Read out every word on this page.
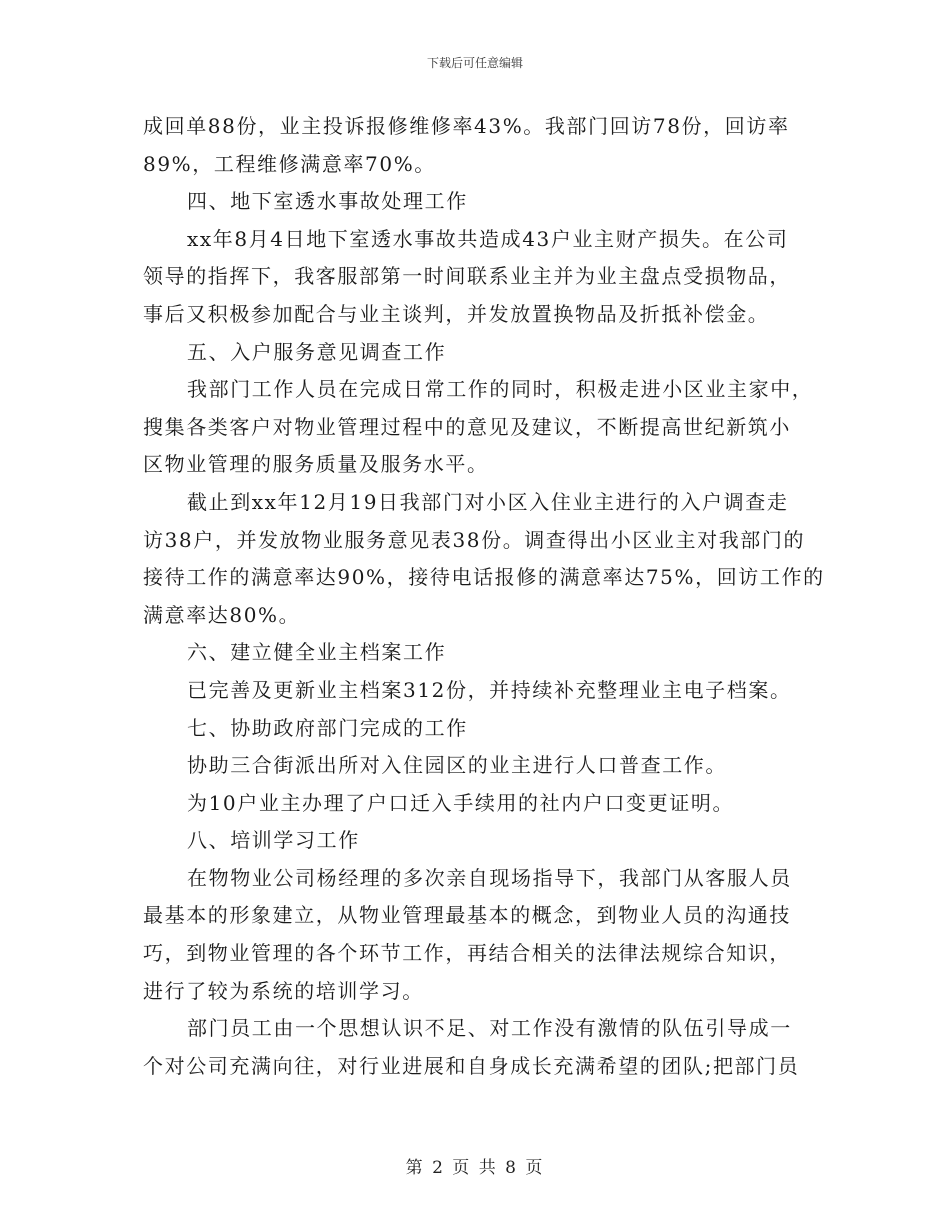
下载后可任意编辑
成回单88份，业主投诉报修维修率43%。我部门回访78份，回访率
89%，工程维修满意率70%。
四、地下室透水事故处理工作
xx年8月4日地下室透水事故共造成43户业主财产损失。在公司
领导的指挥下，我客服部第一时间联系业主并为业主盘点受损物品，
事后又积极参加配合与业主谈判，并发放置换物品及折抵补偿金。
五、入户服务意见调查工作
我部门工作人员在完成日常工作的同时，积极走进小区业主家中，
搜集各类客户对物业管理过程中的意见及建议，不断提高世纪新筑小
区物业管理的服务质量及服务水平。
截止到xx年12月19日我部门对小区入住业主进行的入户调查走
访38户，并发放物业服务意见表38份。调查得出小区业主对我部门的
接待工作的满意率达90%，接待电话报修的满意率达75%，回访工作的
满意率达80%。
六、建立健全业主档案工作
已完善及更新业主档案312份，并持续补充整理业主电子档案。
七、协助政府部门完成的工作
协助三合街派出所对入住园区的业主进行人口普查工作。
为10户业主办理了户口迁入手续用的社内户口变更证明。
八、培训学习工作
在物物业公司杨经理的多次亲自现场指导下，我部门从客服人员
最基本的形象建立，从物业管理最基本的概念，到物业人员的沟通技
巧，到物业管理的各个环节工作，再结合相关的法律法规综合知识，
进行了较为系统的培训学习。
部门员工由一个思想认识不足、对工作没有激情的队伍引导成一
个对公司充满向往，对行业进展和自身成长充满希望的团队;把部门员
第 2 页 共 8 页
